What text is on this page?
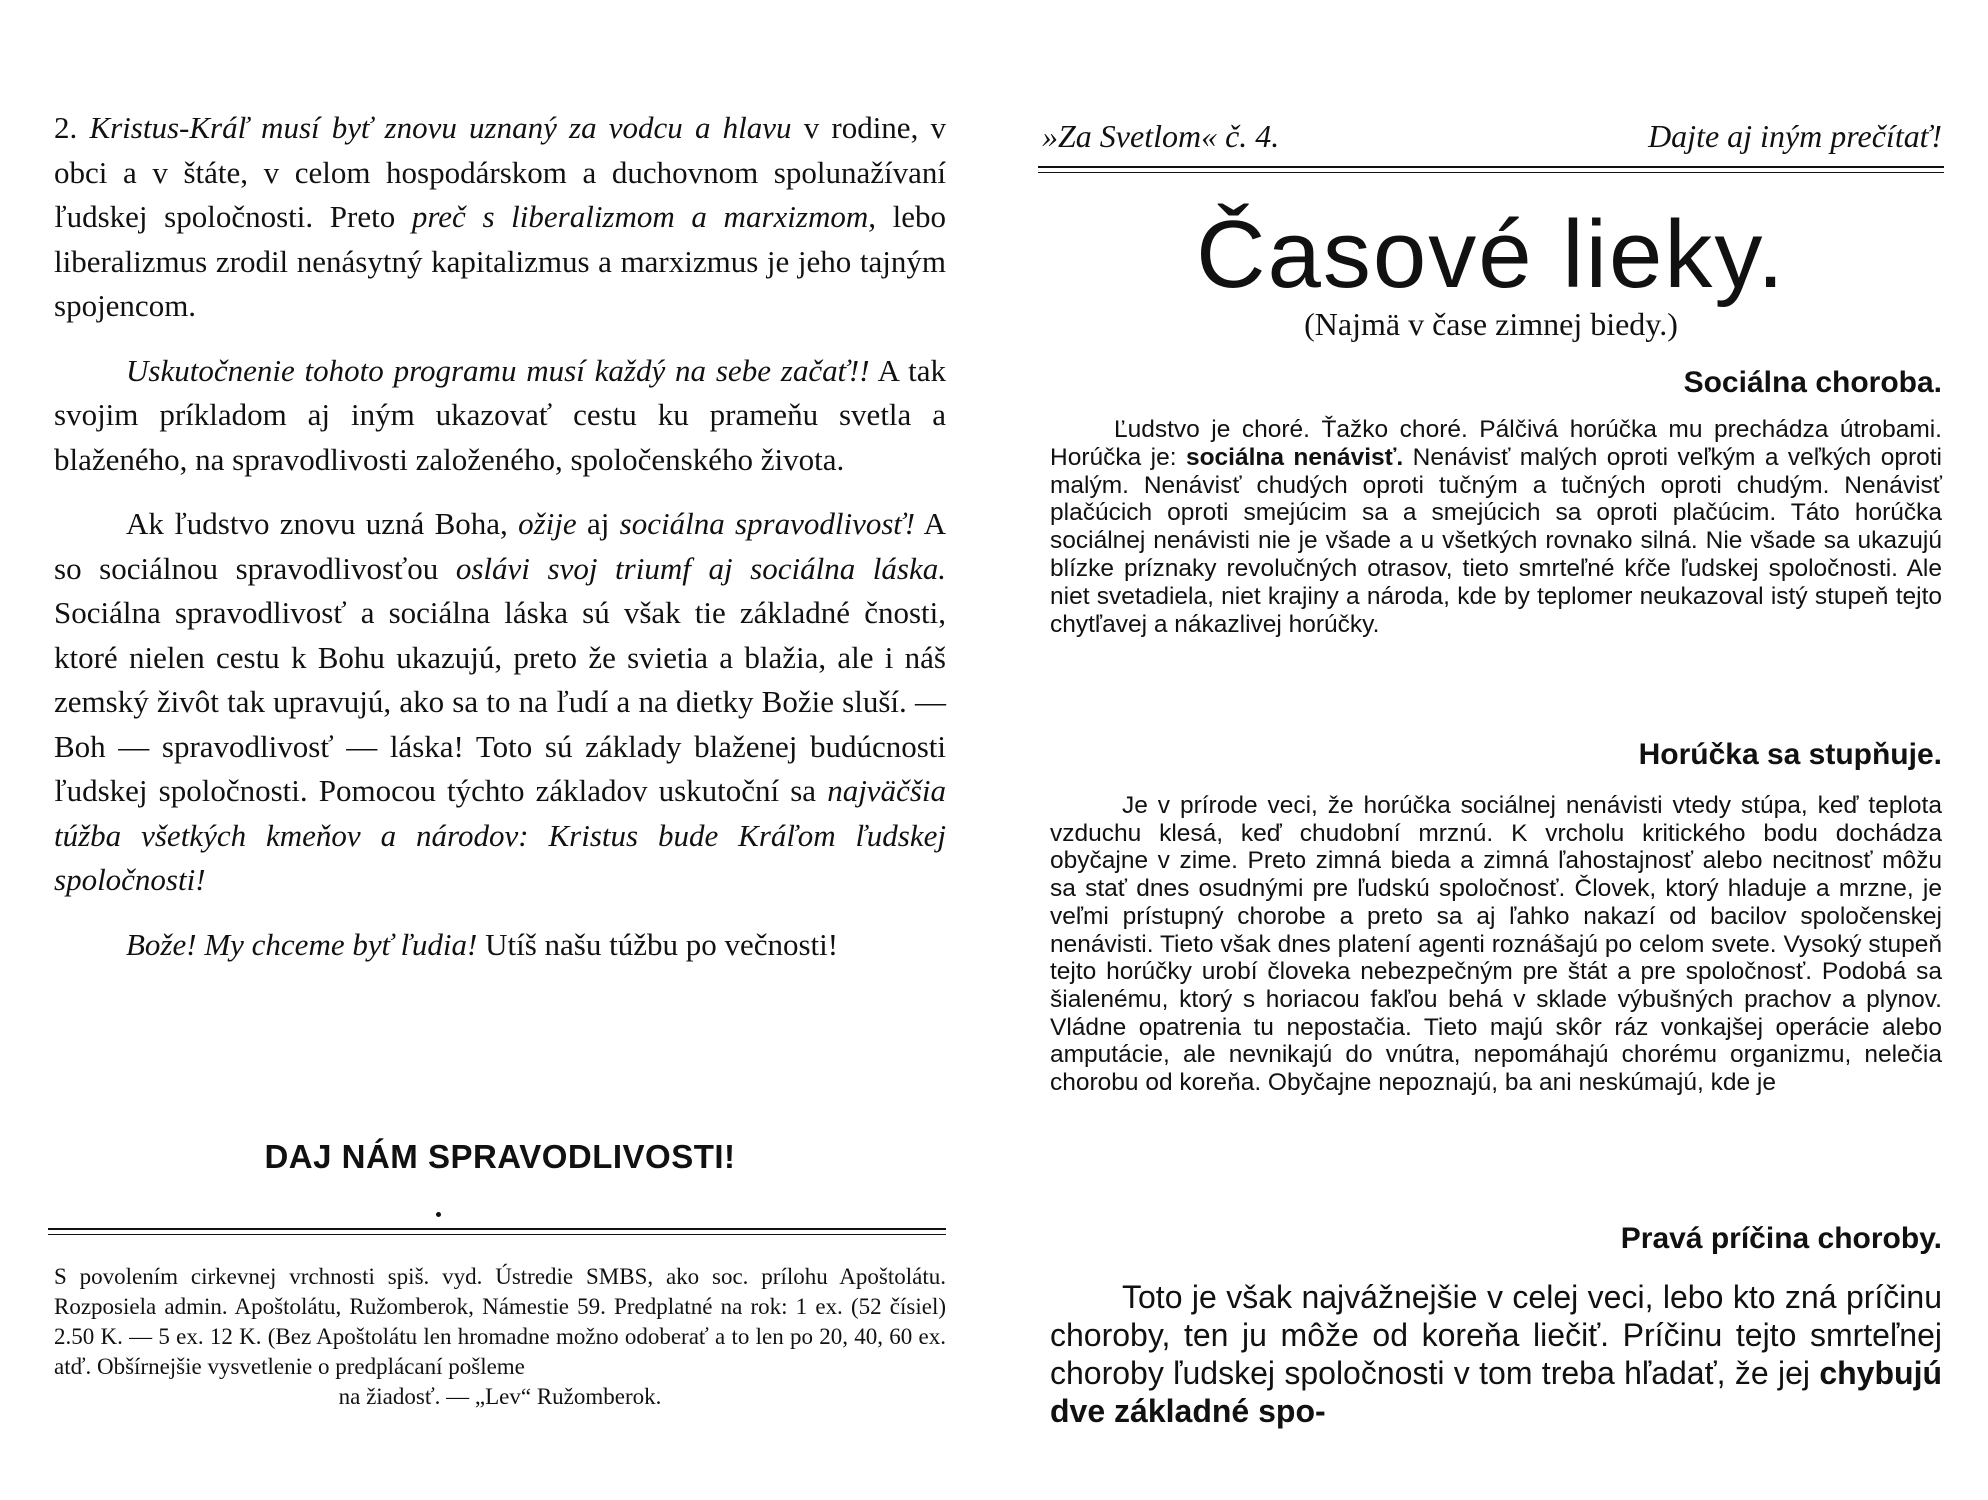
2. Kristus-Kráľ musí byť znovu uznaný za vodcu a hlavu v rodine, v obci a v štáte, v celom hospodárskom a duchovnom spolunažívaní ľudskej spoločnosti. Preto preč s liberalizmom a marxizmom, lebo liberalizmus zrodil nenásytný kapitalizmus a marxizmus je jeho tajným spojencom.

Uskutočnenie tohoto programu musí každý na sebe začať!! A tak svojim príkladom aj iným ukazovať cestu ku prameňu svetla a blaženého, na spravodlivosti založeného, spoločenského života.

Ak ľudstvo znovu uzná Boha, ožije aj sociálna spravodlivosť! A so sociálnou spravodlivosťou oslávi svoj triumf aj sociálna láska. Sociálna spravodlivosť a sociálna láska sú však tie základné čnosti, ktoré nielen cestu k Bohu ukazujú, preto že svietia a blažia, ale i náš zemský živôt tak upravujú, ako sa to na ľudí a na dietky Božie sluší. — Boh — spravodlivosť — láska! Toto sú základy blaženej budúcnosti ľudskej spoločnosti. Pomocou týchto základov uskutoční sa najväčšia túžba všetkých kmeňov a národov: Kristus bude Kráľom ľudskej spoločnosti!

Bože! My chceme byť ľudia! Utíš našu túžbu po večnosti!

DAJ NÁM SPRAVODLIVOSTI!
S povolením cirkevnej vrchnosti spiš. vyd. Ústredie SMBS, ako soc. prílohu Apoštolátu. Rozposiela admin. Apoštolátu, Ružomberok, Námestie 59. Predplatné na rok: 1 ex. (52 čísiel) 2.50 K. — 5 ex. 12 K. (Bez Apoštolátu len hromadne možno odoberať a to len po 20, 40, 60 ex. atď. Obšírnejšie vysvetlenie o predplácaní pošleme
na žiadosť. — „Lev“ Ružomberok.
»Za Svetlom« č. 4.	Dajte aj iným prečítať!
Časové lieky.
(Najmä v čase zimnej biedy.)
Sociálna choroba.

Ľudstvo je choré. Ťažko choré. Pálčivá horúčka mu prechádza útrobami. Horúčka je: sociálna nenávisť. Nenávisť malých oproti veľkým a veľkých oproti malým. Nenávisť chudých oproti tučným a tučných oproti chudým. Nenávisť plačúcich oproti smejúcim sa a smejúcich sa oproti plačúcim. Táto horúčka sociálnej nenávisti nie je všade a u všetkých rovnako silná. Nie všade sa ukazujú blízke príznaky revolučných otrasov, tieto smrteľné kŕče ľudskej spoločnosti. Ale niet svetadiela, niet krajiny a národa, kde by teplomer neukazoval istý stupeň tejto chytľavej a nákazlivej horúčky.

Horúčka sa stupňuje.

Je v prírode veci, že horúčka sociálnej nenávisti vtedy stúpa, keď teplota vzduchu klesá, keď chudobní mrznú. K vrcholu kritického bodu dochádza obyčajne v zime. Preto zimná bieda a zimná ľahostajnosť alebo necitnosť môžu sa stať dnes osudnými pre ľudskú spoločnosť. Človek, ktorý hladuje a mrzne, je veľmi prístupný chorobe a preto sa aj ľahko nakazí od bacilov spoločenskej nenávisti. Tieto však dnes platení agenti roznášajú po celom svete. Vysoký stupeň tejto horúčky urobí človeka nebezpečným pre štát a pre spoločnosť. Podobá sa šialenému, ktorý s horiacou fakľou behá v sklade výbušných prachov a plynov. Vládne opatrenia tu nepostačia. Tieto majú skôr ráz vonkajšej operácie alebo amputácie, ale nevnikajú do vnútra, nepomáhajú chorému organizmu, nelečia chorobu od koreňa. Obyčajne nepoznajú, ba ani neskúmajú, kde je

Pravá príčina choroby.

Toto je však najvážnejšie v celej veci, lebo kto zná príčinu choroby, ten ju môže od koreňa liečiť. Príčinu tejto smrteľnej choroby ľudskej spoločnosti v tom treba hľadať, že jej chybujú dve základné spo-
